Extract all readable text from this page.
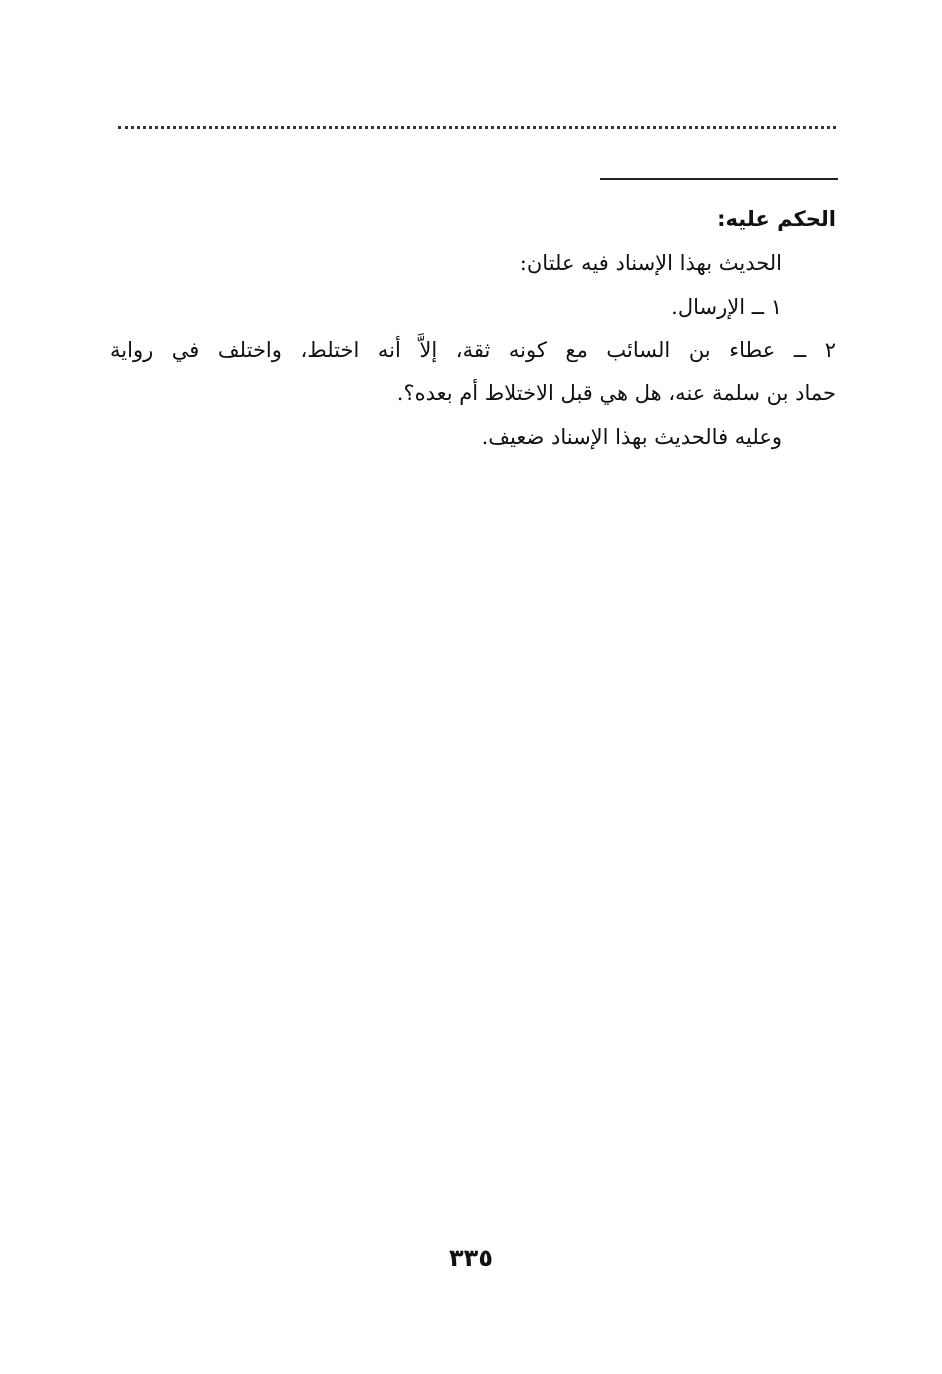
الحكم عليه:
الحديث بهذا الإسناد فيه علتان:
١ ــ الإرسال.
٢ ــ عطاء بن السائب مع كونه ثقة، إلاَّ أنه اختلط، واختلف في رواية
حماد بن سلمة عنه، هل هي قبل الاختلاط أم بعده؟.
وعليه فالحديث بهذا الإسناد ضعيف.
٣٣٥
